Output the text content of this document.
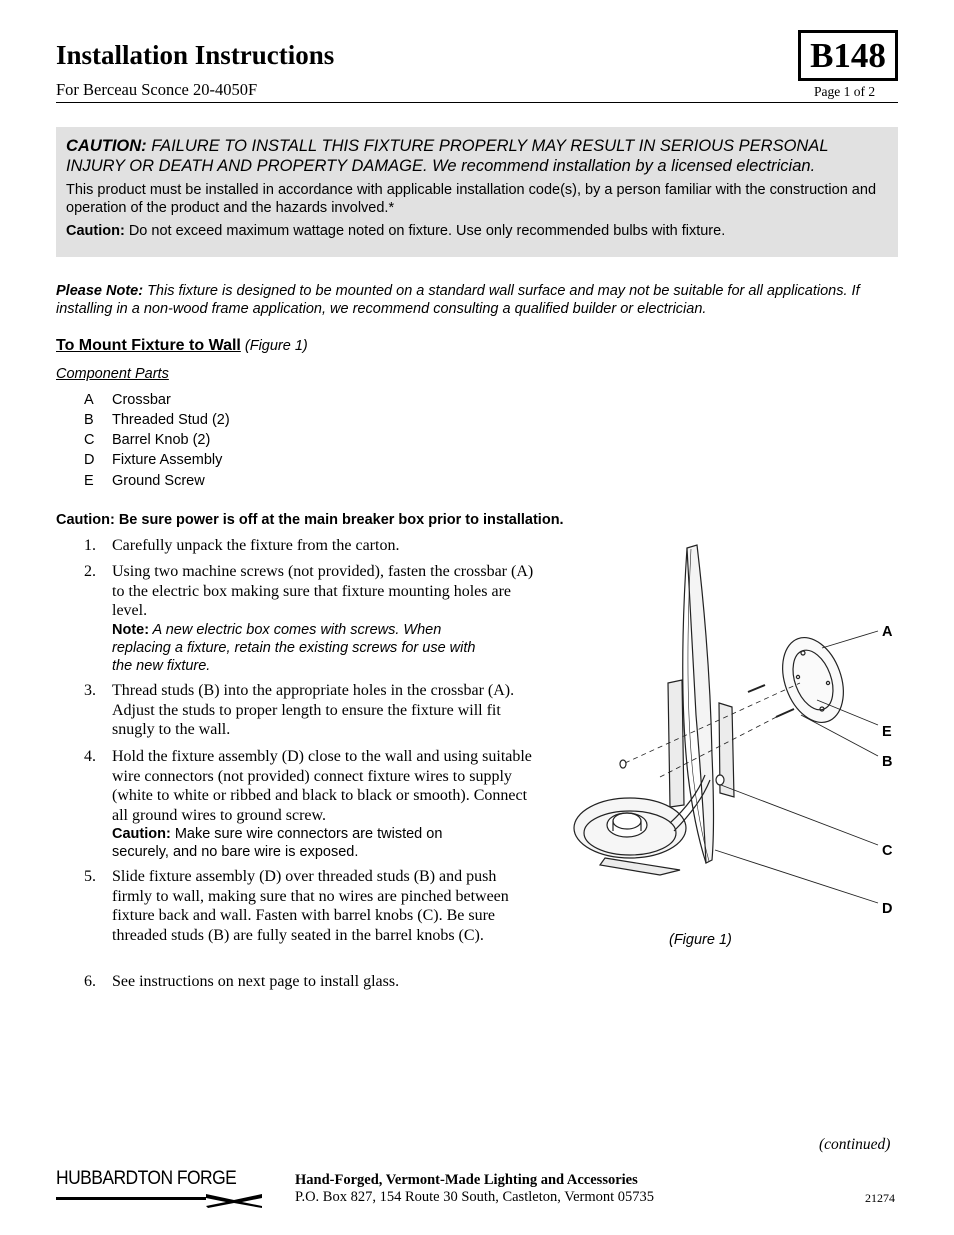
Installation Instructions
For Berceau Sconce 20-4050F
B148
Page 1 of 2
CAUTION: FAILURE TO INSTALL THIS FIXTURE PROPERLY MAY RESULT IN SERIOUS PERSONAL INJURY OR DEATH AND PROPERTY DAMAGE. We recommend installation by a licensed electrician.
This product must be installed in accordance with applicable installation code(s), by a person familiar with the construction and operation of the product and the hazards involved.*
Caution: Do not exceed maximum wattage noted on fixture. Use only recommended bulbs with fixture.
Please Note: This fixture is designed to be mounted on a standard wall surface and may not be suitable for all applications. If installing in a non-wood frame application, we recommend consulting a qualified builder or electrician.
To Mount Fixture to Wall (Figure 1)
Component Parts
A Crossbar
B Threaded Stud (2)
C Barrel Knob (2)
D Fixture Assembly
E Ground Screw
Caution: Be sure power is off at the main breaker box prior to installation.
1.	Carefully unpack the fixture from the carton.
2.	Using two machine screws (not provided), fasten the crossbar (A) to the electric box making sure that fixture mounting holes are level.
Note: A new electric box comes with screws. When replacing a fixture, retain the existing screws for use with the new fixture.
3.	Thread studs (B) into the appropriate holes in the crossbar (A). Adjust the studs to proper length to ensure the fixture will fit snugly to the wall.
4.	Hold the fixture assembly (D) close to the wall and using suitable wire connectors (not provided) connect fixture wires to supply (white to white or ribbed and black to black or smooth). Connect all ground wires to ground screw.
Caution: Make sure wire connectors are twisted on securely, and no bare wire is exposed.
5.	Slide fixture assembly (D) over threaded studs (B) and push firmly to wall, making sure that no wires are pinched between fixture back and wall. Fasten with barrel knobs (C). Be sure threaded studs (B) are fully seated in the barrel knobs (C).
6.	See instructions on next page to install glass.
A
E
B
C
D
(Figure 1)
(continued)
HUBBARDTON FORGE	Hand-Forged, Vermont-Made Lighting and Accessories
P.O. Box 827, 154 Route 30 South, Castleton, Vermont 05735	21274
